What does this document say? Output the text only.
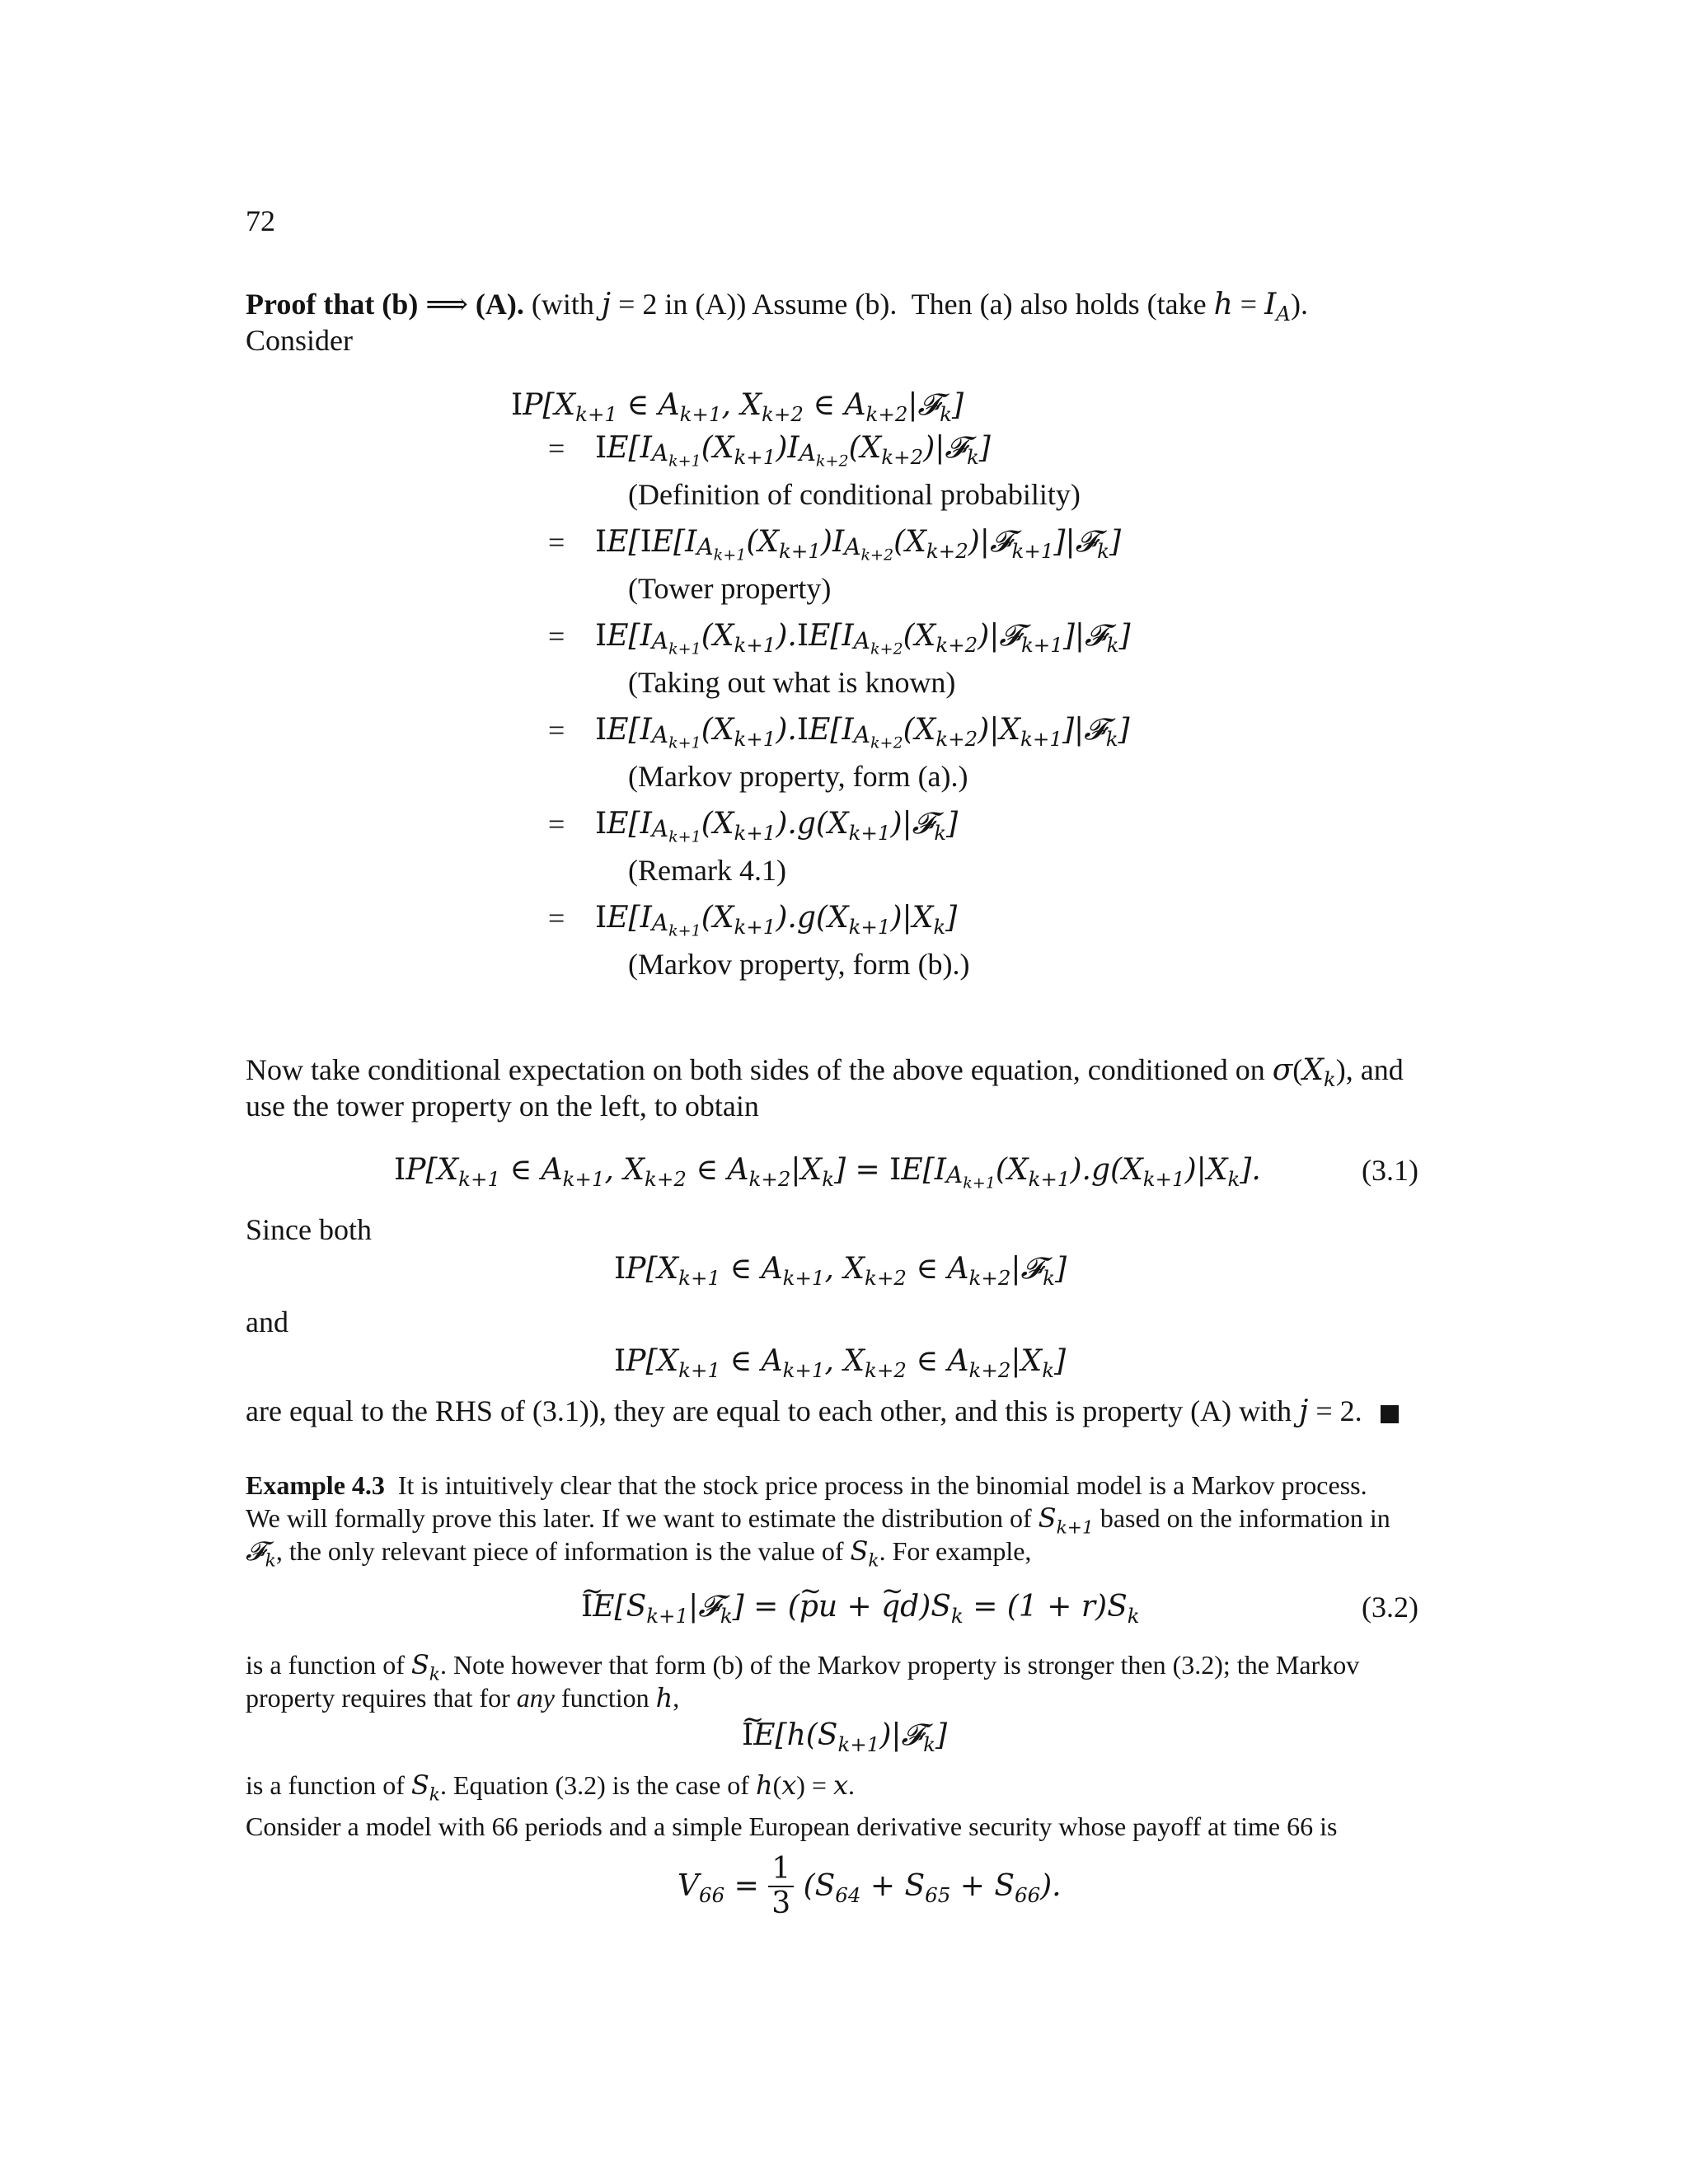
72
Proof that (b) ⟹ (A). (with j = 2 in (A)) Assume (b).  Then (a) also holds (take $h = I_A$).
Consider
$IP[X_{k+1}$ ∈ $A_{k+1}$, $X_{k+2}$ ∈ $A_{k+2}|𝓕_k$]
= $IE[IA_{k+1}(X_{k+1})IA_{k+2}(X_{k+2})|𝓕_k]$
(Definition of conditional probability)
= $IE[IE[IA_{k+1}(X_{k+1})IA_{k+2}(X_{k+2})|𝓕_{k+1}]|𝓕_k]$
(Tower property)
= $IE[IA_{k+1}(X_{k+1}).IE[IA_{k+2}(X_{k+2})|𝓕_{k+1}]|𝓕_k]$
(Taking out what is known)
= $IE[IA_{k+1}(X_{k+1}).IE[IA_{k+2}(X_{k+2})|X_{k+1}]|𝓕_k]$
(Markov property, form (a).)
= $IE[IA_{k+1}(X_{k+1}).g(X_{k+1})|𝓕_k]$
(Remark 4.1)
= $IE[IA_{k+1}(X_{k+1}).g(X_{k+1})|X_k]$
(Markov property, form (b).)
Now take conditional expectation on both sides of the above equation, conditioned on $\sigma(X_k)$, and
use the tower property on the left, to obtain
$IP[X_{k+1}$ ∈ $A_{k+1}$, $X_{k+2}$ ∈ $A_{k+2}|X_k] = IE[IA_{k+1}(X_{k+1}).g(X_{k+1})|X_k]$.	(3.1)
Since both
$IP[X_{k+1}$ ∈ $A_{k+1}$, $X_{k+2}$ ∈ $A_{k+2}|𝓕_k$]
and
$IP[X_{k+1}$ ∈ $A_{k+1}$, $X_{k+2}$ ∈ $A_{k+2}|X_k$]
are equal to the RHS of (3.1)), they are equal to each other, and this is property (A) with j = 2.
Example 4.3 It is intuitively clear that the stock price process in the binomial model is a Markov process.
We will formally prove this later. If we want to estimate the distribution of $S_{k+1}$ based on the information in
𝓕$_k$, the only relevant piece of information is the value of $S_k$. For example,
∼ $IE[S_{k+1}|𝓕_k]$ = (∼ pu + ∼ $qd)S_k = (1 + r)S_k$	(3.2)
is a function of $S_k$. Note however that form (b) of the Markov property is stronger then (3.2); the Markov
property requires that for any function h,
∼ $IE[h(S_{k+1})|𝓕_k]$
is a function of $S_k$. Equation (3.2) is the case of h(x) = x.
Consider a model with 66 periods and a simple European derivative security whose payoff at time 66 is
$V_{66} = \frac{1}{3} (S_{64} + S_{65} + S_{66})$.
